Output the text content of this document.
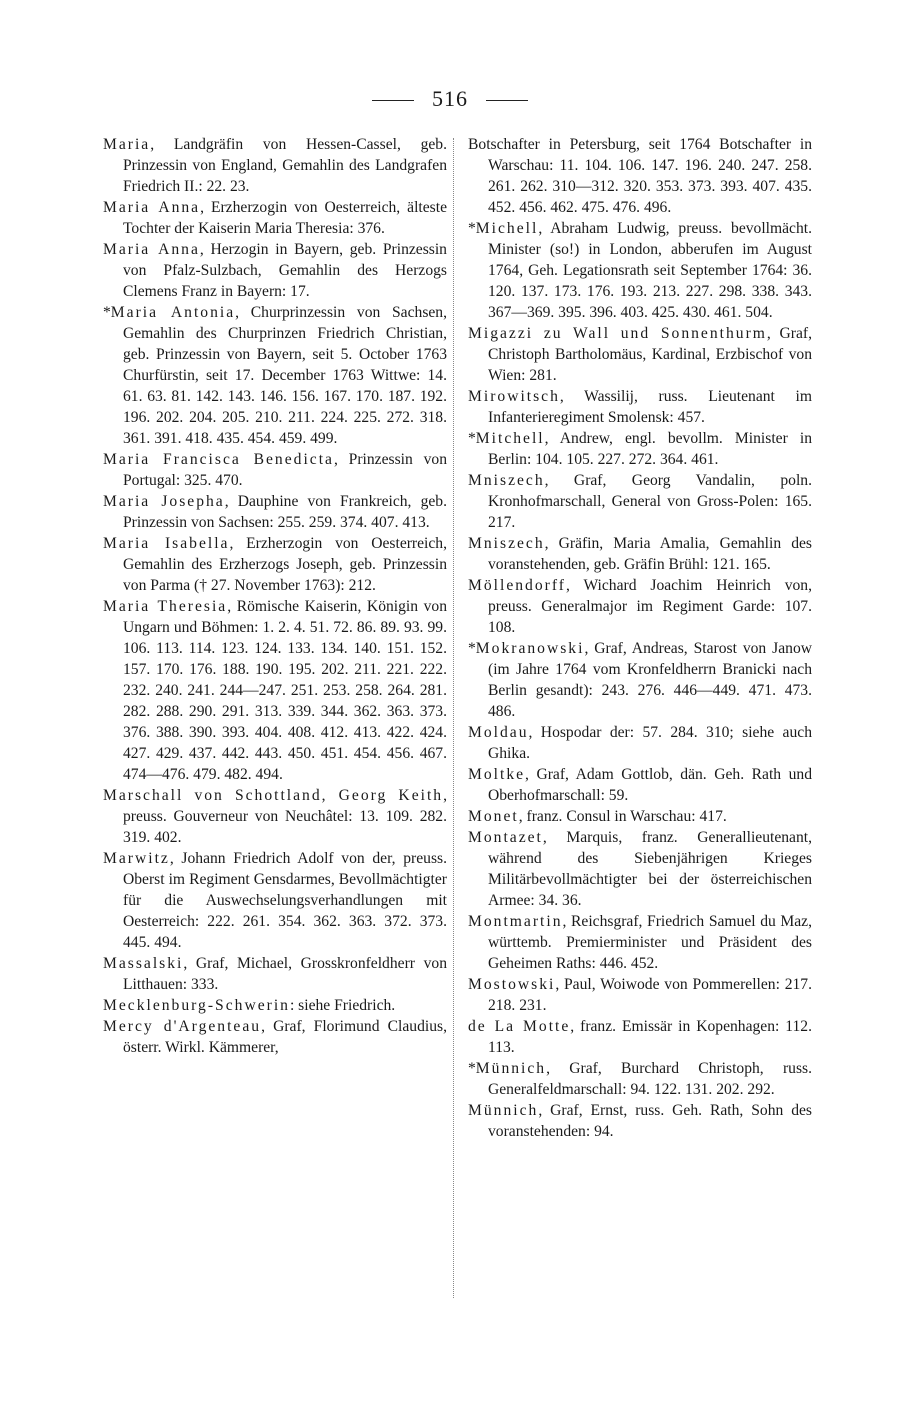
516

Maria, Landgräfin von Hessen-Cassel, geb. Prinzessin von England, Gemahlin des Landgrafen Friedrich II.: 22. 23.

Maria Anna, Erzherzogin von Oesterreich, älteste Tochter der Kaiserin Maria Theresia: 376.

Maria Anna, Herzogin in Bayern, geb. Prinzessin von Pfalz-Sulzbach, Gemahlin des Herzogs Clemens Franz in Bayern: 17.

*Maria Antonia, Churprinzessin von Sachsen, Gemahlin des Churprinzen Friedrich Christian, geb. Prinzessin von Bayern, seit 5. October 1763 Churfürstin, seit 17. December 1763 Wittwe: 14. 61. 63. 81. 142. 143. 146. 156. 167. 170. 187. 192. 196. 202. 204. 205. 210. 211. 224. 225. 272. 318. 361. 391. 418. 435. 454. 459. 499.

Maria Francisca Benedicta, Prinzessin von Portugal: 325. 470.

Maria Josepha, Dauphine von Frankreich, geb. Prinzessin von Sachsen: 255. 259. 374. 407. 413.

Maria Isabella, Erzherzogin von Oesterreich, Gemahlin des Erzherzogs Joseph, geb. Prinzessin von Parma († 27. November 1763): 212.

Maria Theresia, Römische Kaiserin, Königin von Ungarn und Böhmen: 1. 2. 4. 51. 72. 86. 89. 93. 99. 106. 113. 114. 123. 124. 133. 134. 140. 151. 152. 157. 170. 176. 188. 190. 195. 202. 211. 221. 222. 232. 240. 241. 244—247. 251. 253. 258. 264. 281. 282. 288. 290. 291. 313. 339. 344. 362. 363. 373. 376. 388. 390. 393. 404. 408. 412. 413. 422. 424. 427. 429. 437. 442. 443. 450. 451. 454. 456. 467. 474—476. 479. 482. 494.

Marschall von Schottland, Georg Keith, preuss. Gouverneur von Neuchâtel: 13. 109. 282. 319. 402.

Marwitz, Johann Friedrich Adolf von der, preuss. Oberst im Regiment Gensdarmes, Bevollmächtigter für die Auswechselungsverhandlungen mit Oesterreich: 222. 261. 354. 362. 363. 372. 373. 445. 494.

Massalski, Graf, Michael, Grosskronfeldherr von Litthauen: 333.

Mecklenburg-Schwerin: siehe Friedrich.

Mercy d'Argenteau, Graf, Florimund Claudius, österr. Wirkl. Kämmerer,

Botschafter in Petersburg, seit 1764 Botschafter in Warschau: 11. 104. 106. 147. 196. 240. 247. 258. 261. 262. 310—312. 320. 353. 373. 393. 407. 435. 452. 456. 462. 475. 476. 496.

*Michell, Abraham Ludwig, preuss. bevollmächt. Minister (so!) in London, abberufen im August 1764, Geh. Legationsrath seit September 1764: 36. 120. 137. 173. 176. 193. 213. 227. 298. 338. 343. 367—369. 395. 396. 403. 425. 430. 461. 504.

Migazzi zu Wall und Sonnenthurm, Graf, Christoph Bartholomäus, Kardinal, Erzbischof von Wien: 281.

Mirowitsch, Wassilij, russ. Lieutenant im Infanterieregiment Smolensk: 457.

*Mitchell, Andrew, engl. bevollm. Minister in Berlin: 104. 105. 227. 272. 364. 461.

Mniszech, Graf, Georg Vandalin, poln. Kronhofmarschall, General von Gross-Polen: 165. 217.

Mniszech, Gräfin, Maria Amalia, Gemahlin des voranstehenden, geb. Gräfin Brühl: 121. 165.

Möllendorff, Wichard Joachim Heinrich von, preuss. Generalmajor im Regiment Garde: 107. 108.

*Mokranowski, Graf, Andreas, Starost von Janow (im Jahre 1764 vom Kronfeldherrn Branicki nach Berlin gesandt): 243. 276. 446—449. 471. 473. 486.

Moldau, Hospodar der: 57. 284. 310; siehe auch Ghika.

Moltke, Graf, Adam Gottlob, dän. Geh. Rath und Oberhofmarschall: 59.

Monet, franz. Consul in Warschau: 417.

Montazet, Marquis, franz. Generallieutenant, während des Siebenjährigen Krieges Militärbevollmächtigter bei der österreichischen Armee: 34. 36.

Montmartin, Reichsgraf, Friedrich Samuel du Maz, württemb. Premierminister und Präsident des Geheimen Raths: 446. 452.

Mostowski, Paul, Woiwode von Pommerellen: 217. 218. 231.

de La Motte, franz. Emissär in Kopenhagen: 112. 113.

*Münnich, Graf, Burchard Christoph, russ. Generalfeldmarschall: 94. 122. 131. 202. 292.

Münnich, Graf, Ernst, russ. Geh. Rath, Sohn des voranstehenden: 94.
